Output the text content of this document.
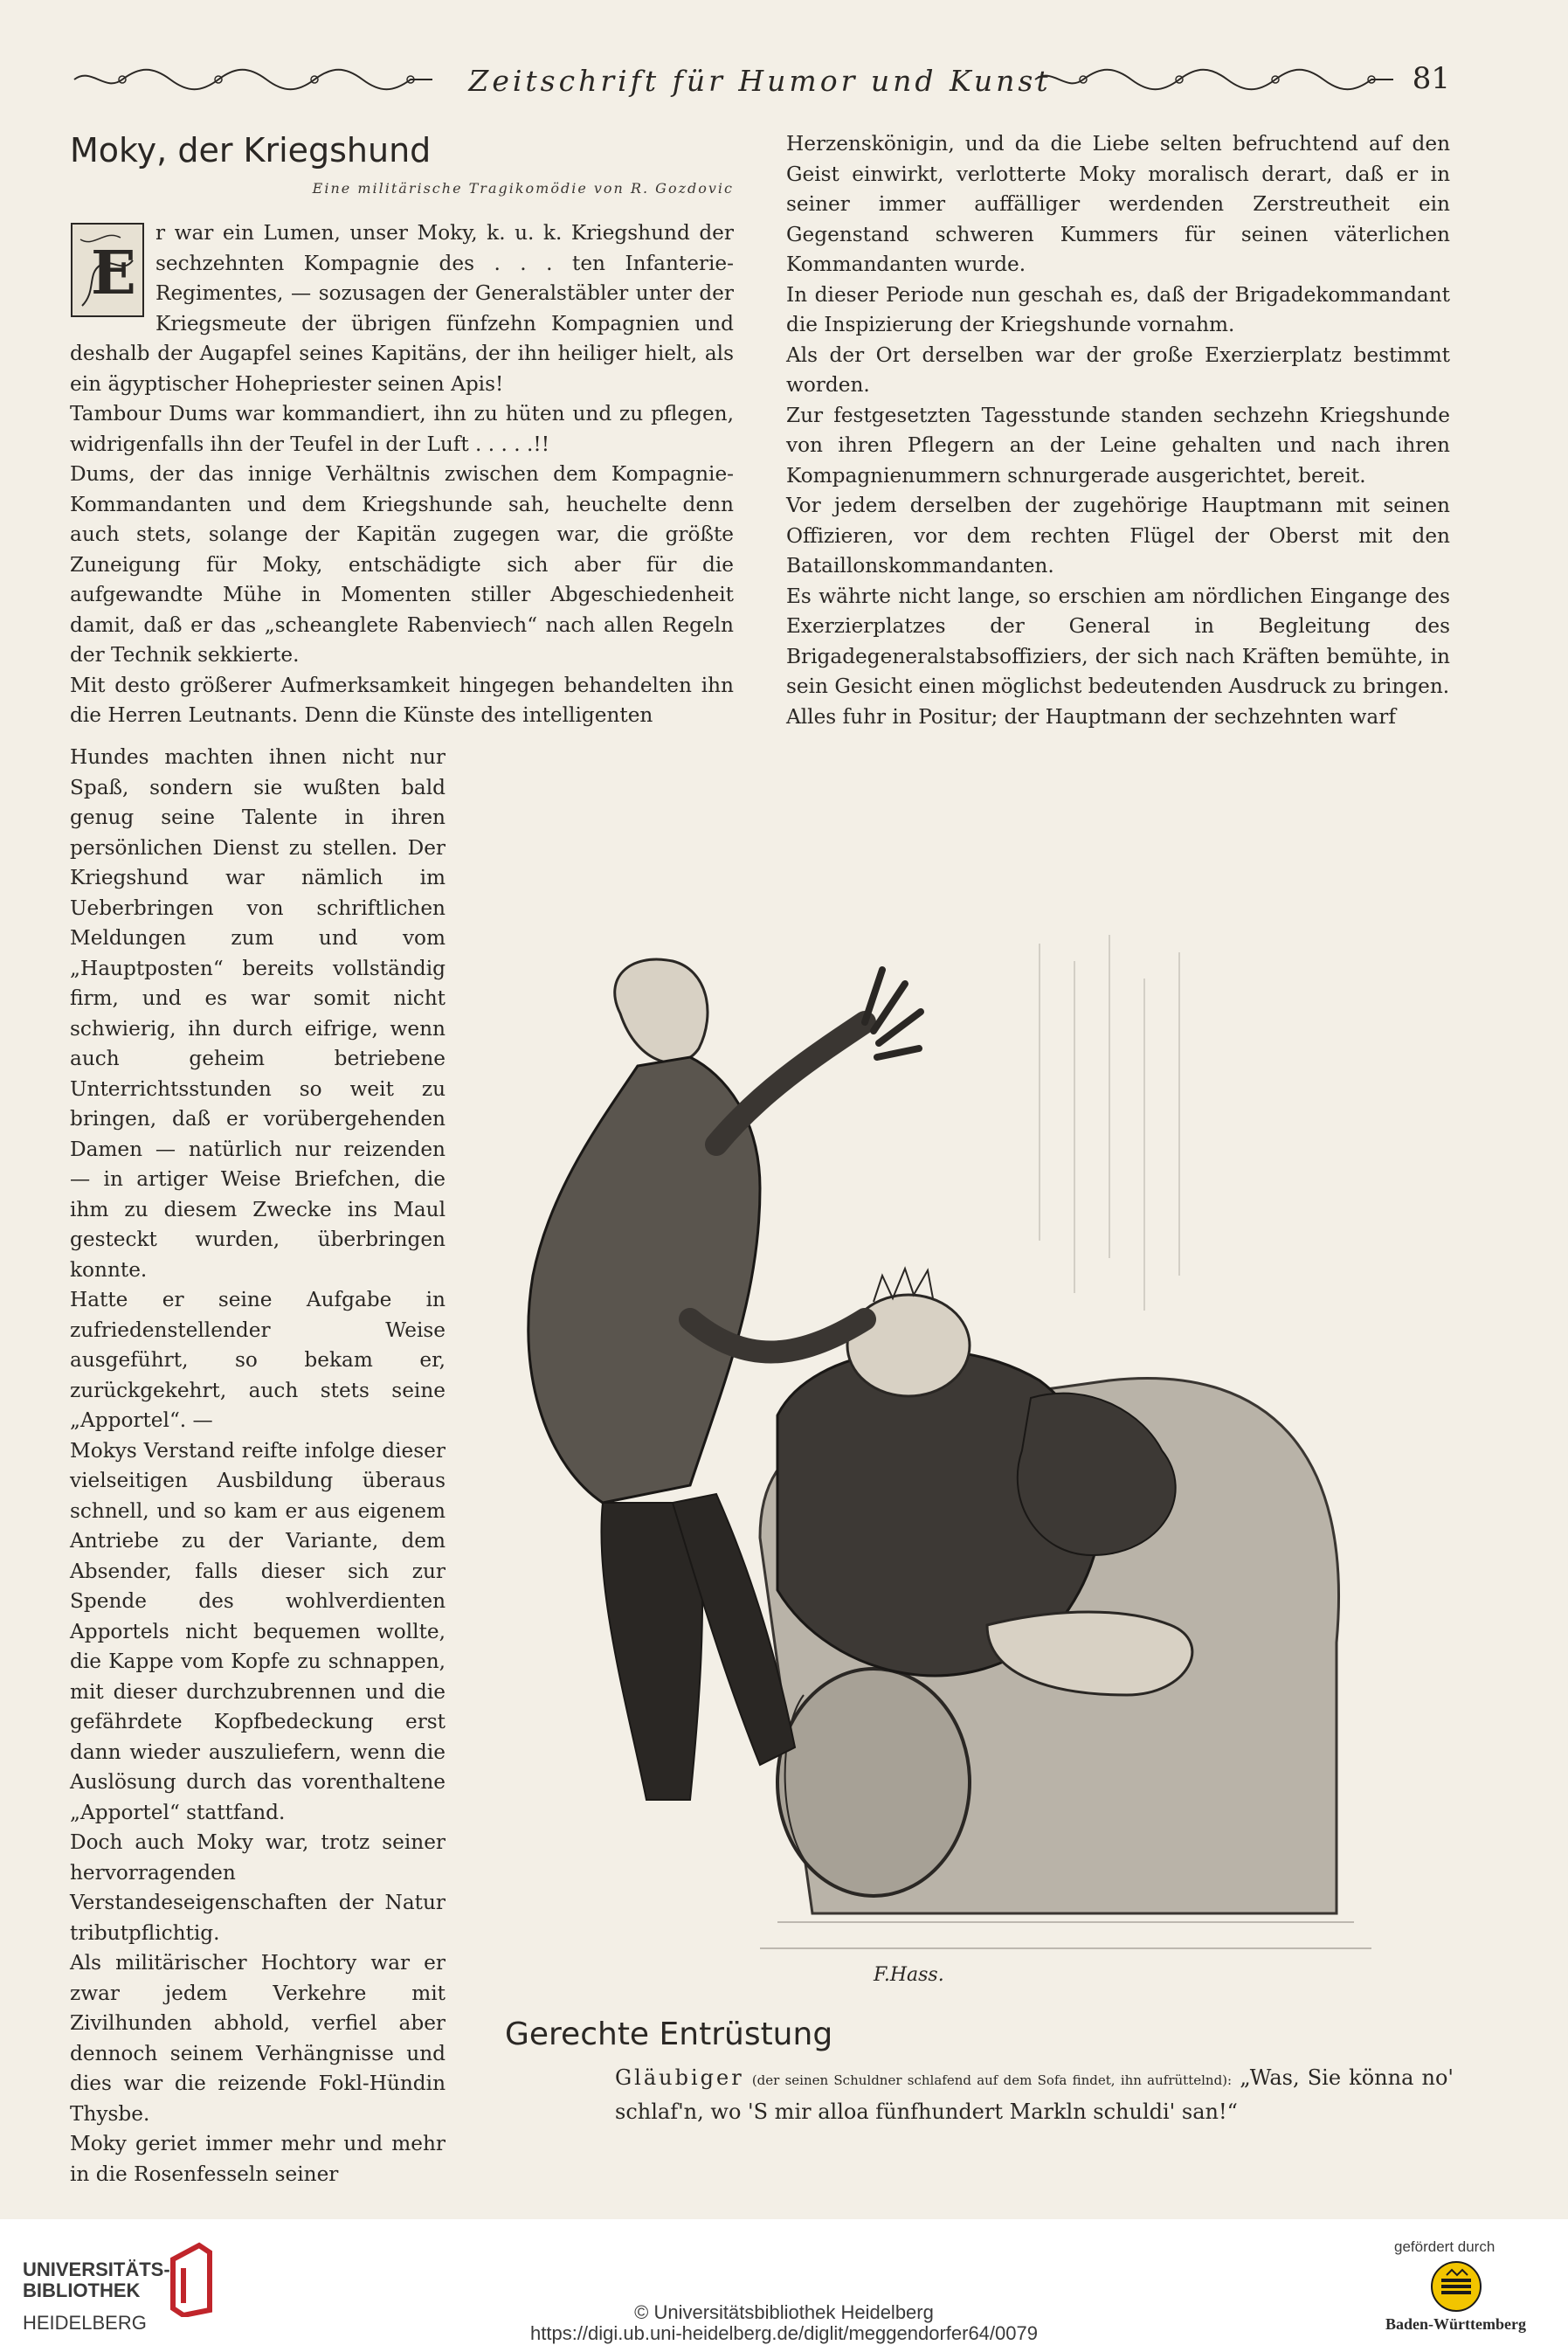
Zeitschrift für Humor und Kunst	81
Moky, der Kriegshund
Eine militärische Tragikomödie von R. Gozdovic
E

r war ein Lumen, unser Moky, k. u. k. Kriegshund der sechzehnten Kompagnie des . . . ten Infanterie-Regimentes, — sozusagen der Generalstäbler unter der Kriegsmeute der übrigen fünfzehn Kompagnien und deshalb der Augapfel seines Kapitäns, der ihn heiliger hielt, als ein ägyptischer Hohepriester seinen Apis!

Tambour Dums war kommandiert, ihn zu hüten und zu pflegen, widrigenfalls ihn der Teufel in der Luft . . . . .!!

Dums, der das innige Verhältnis zwischen dem Kompagnie-Kommandanten und dem Kriegshunde sah, heuchelte denn auch stets, solange der Kapitän zugegen war, die größte Zuneigung für Moky, entschädigte sich aber für die aufgewandte Mühe in Momenten stiller Abgeschiedenheit damit, daß er das „scheanglete Rabenviech“ nach allen Regeln der Technik sekkierte.

Mit desto größerer Aufmerksamkeit hingegen behandelten ihn die Herren Leutnants. Denn die Künste des intelligenten

Hundes machten ihnen nicht nur Spaß, sondern sie wußten bald genug seine Talente in ihren persönlichen Dienst zu stellen. Der Kriegshund war nämlich im Ueberbringen von schriftlichen Meldungen zum und vom „Hauptposten“ bereits vollständig firm, und es war somit nicht schwierig, ihn durch eifrige, wenn auch geheim betriebene Unterrichtsstunden so weit zu bringen, daß er vorübergehenden Damen — natürlich nur reizenden — in artiger Weise Briefchen, die ihm zu diesem Zwecke ins Maul gesteckt wurden, überbringen konnte.

Hatte er seine Aufgabe in zufriedenstellender Weise ausgeführt, so bekam er, zurückgekehrt, auch stets seine „Apportel“. —

Mokys Verstand reifte infolge dieser vielseitigen Ausbildung überaus schnell, und so kam er aus eigenem Antriebe zu der Variante, dem Absender, falls dieser sich zur Spende des wohlverdienten Apportels nicht bequemen wollte, die Kappe vom Kopfe zu schnappen, mit dieser durchzubrennen und die gefährdete Kopfbedeckung erst dann wieder auszuliefern, wenn die Auslösung durch das vorenthaltene „Apportel“ stattfand.

Doch auch Moky war, trotz seiner hervorragenden Verstandeseigenschaften der Natur tributpflichtig.

Als militärischer Hochtory war er zwar jedem Verkehre mit Zivilhunden abhold, verfiel aber dennoch seinem Verhängnisse und dies war die reizende Fokl-Hündin Thysbe.

Moky geriet immer mehr und mehr in die Rosenfesseln seiner

Herzenskönigin, und da die Liebe selten befruchtend auf den Geist einwirkt, verlotterte Moky moralisch derart, daß er in seiner immer auffälliger werdenden Zerstreutheit ein Gegenstand schweren Kummers für seinen väterlichen Kommandanten wurde.

In dieser Periode nun geschah es, daß der Brigadekommandant die Inspizierung der Kriegshunde vornahm.

Als der Ort derselben war der große Exerzierplatz bestimmt worden.

Zur festgesetzten Tagesstunde standen sechzehn Kriegshunde von ihren Pflegern an der Leine gehalten und nach ihren Kompagnienummern schnurgerade ausgerichtet, bereit.

Vor jedem derselben der zugehörige Hauptmann mit seinen Offizieren, vor dem rechten Flügel der Oberst mit den Bataillonskommandanten.

Es währte nicht lange, so erschien am nördlichen Eingange des Exerzierplatzes der General in Begleitung des Brigadegeneralstabsoffiziers, der sich nach Kräften bemühte, in sein Gesicht einen möglichst bedeutenden Ausdruck zu bringen.

Alles fuhr in Positur; der Hauptmann der sechzehnten warf

F.Hass.
Gerechte Entrüstung
Gläubiger (der seinen Schuldner schlafend auf dem Sofa findet, ihn aufrüttelnd): „Was, Sie könna no' schlaf'n, wo 'S mir alloa fünfhundert Markln schuldi' san!“
UNIVERSITÄTS-
BIBLIOTHEK
HEIDELBERG	© Universitätsbibliothek Heidelberg
https://digi.ub.uni-heidelberg.de/diglit/meggendorfer64/0079
gefördert durch
Baden-Württemberg
